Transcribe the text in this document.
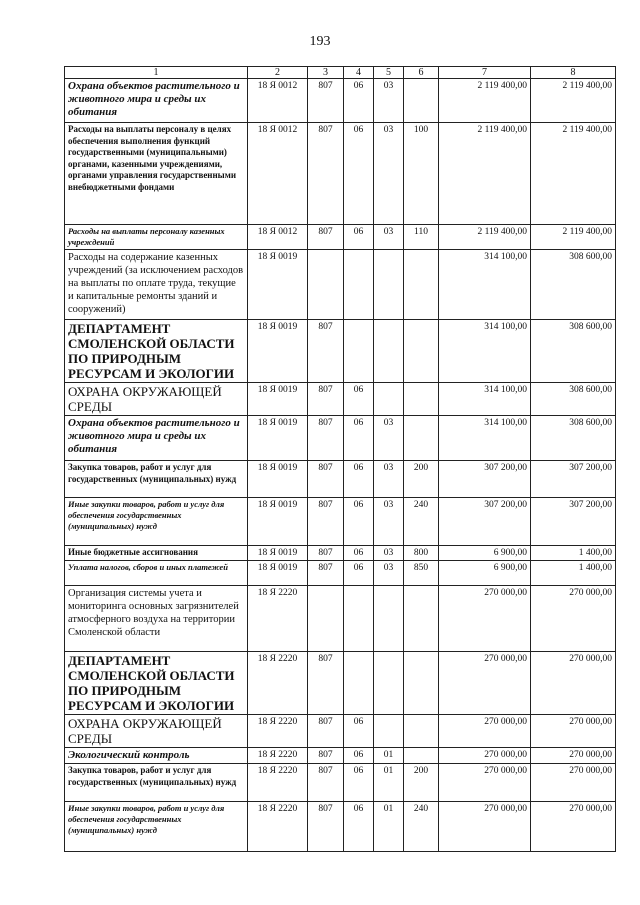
193
1	2	3	4	5	6	7	8
Охрана объектов растительного и животного мира и среды их обитания	18 Я 0012	807	06	03		2 119 400,00	2 119 400,00
Расходы на выплаты персоналу в целях обеспечения выполнения функций государственными (муниципальными) органами, казенными учреждениями, органами управления государственными внебюджетными фондами	18 Я 0012	807	06	03	100	2 119 400,00	2 119 400,00
Расходы на выплаты персоналу казенных учреждений	18 Я 0012	807	06	03	110	2 119 400,00	2 119 400,00
Расходы на содержание казенных учреждений (за исключением расходов на выплаты по оплате труда, текущие и капитальные ремонты зданий и сооружений)	18 Я 0019					314 100,00	308 600,00
ДЕПАРТАМЕНТ СМОЛЕНСКОЙ ОБЛАСТИ ПО ПРИРОДНЫМ РЕСУРСАМ И ЭКОЛОГИИ	18 Я 0019	807				314 100,00	308 600,00
ОХРАНА ОКРУЖАЮЩЕЙ СРЕДЫ	18 Я 0019	807	06			314 100,00	308 600,00
Охрана объектов растительного и животного мира и среды их обитания	18 Я 0019	807	06	03		314 100,00	308 600,00
Закупка товаров, работ и услуг для государственных (муниципальных) нужд	18 Я 0019	807	06	03	200	307 200,00	307 200,00
Иные закупки товаров, работ и услуг для обеспечения государственных (муниципальных) нужд	18 Я 0019	807	06	03	240	307 200,00	307 200,00
Иные бюджетные ассигнования	18 Я 0019	807	06	03	800	6 900,00	1 400,00
Уплата налогов, сборов и иных платежей	18 Я 0019	807	06	03	850	6 900,00	1 400,00
Организация системы учета и мониторинга основных загрязнителей атмосферного воздуха на территории Смоленской области	18 Я 2220					270 000,00	270 000,00
ДЕПАРТАМЕНТ СМОЛЕНСКОЙ ОБЛАСТИ ПО ПРИРОДНЫМ РЕСУРСАМ И ЭКОЛОГИИ	18 Я 2220	807				270 000,00	270 000,00
ОХРАНА ОКРУЖАЮЩЕЙ СРЕДЫ	18 Я 2220	807	06			270 000,00	270 000,00
Экологический контроль	18 Я 2220	807	06	01		270 000,00	270 000,00
Закупка товаров, работ и услуг для государственных (муниципальных) нужд	18 Я 2220	807	06	01	200	270 000,00	270 000,00
Иные закупки товаров, работ и услуг для обеспечения государственных (муниципальных) нужд	18 Я 2220	807	06	01	240	270 000,00	270 000,00
